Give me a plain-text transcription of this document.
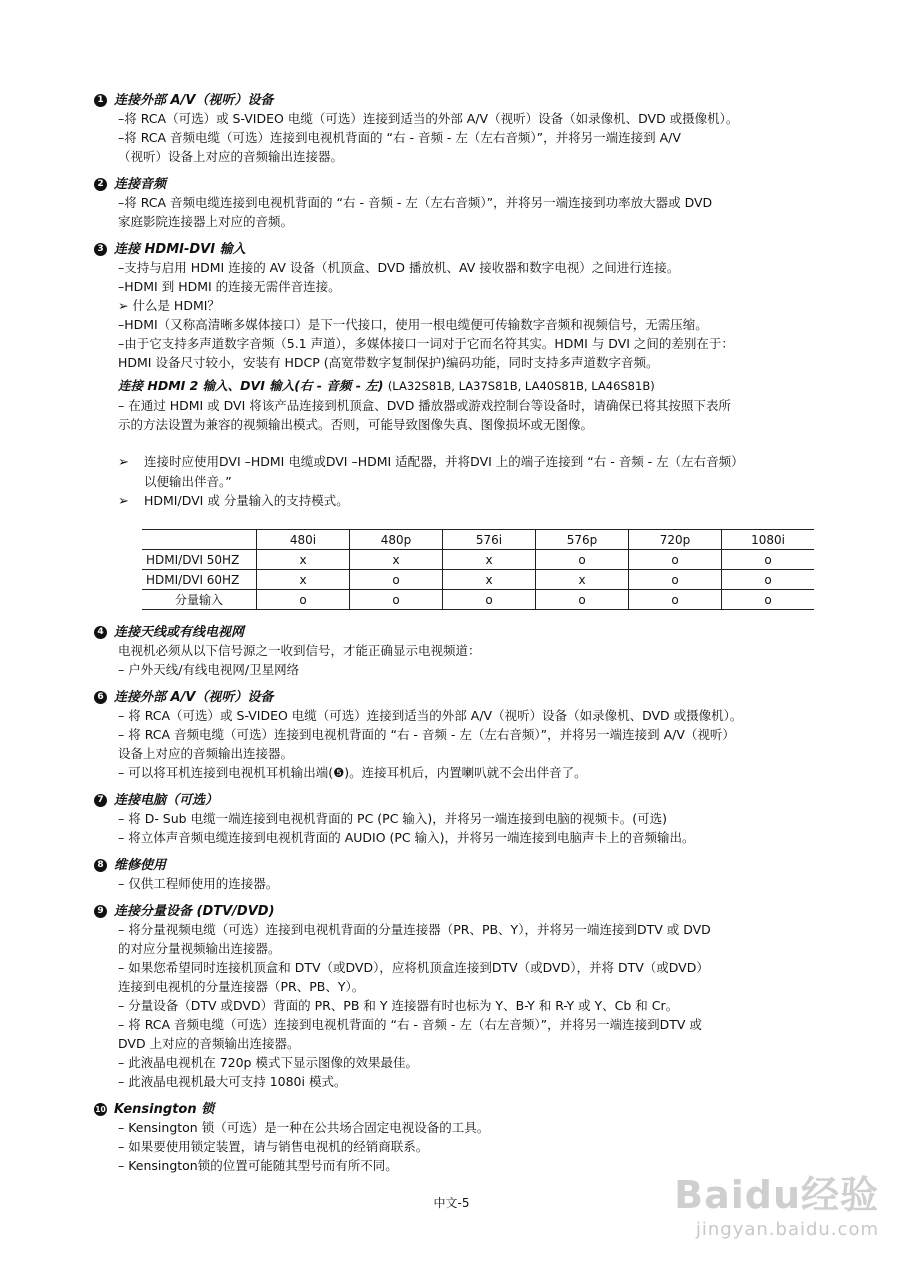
1 连接外部 A/V（视听）设备
–将 RCA（可选）或 S-VIDEO 电缆（可选）连接到适当的外部 A/V（视听）设备（如录像机、DVD 或摄像机）。
–将 RCA 音频电缆（可选）连接到电视机背面的 “右 - 音频 - 左（左右音频）”，并将另一端连接到 A/V
（视听）设备上对应的音频输出连接器。
2 连接音频
–将 RCA 音频电缆连接到电视机背面的 “右 - 音频 - 左（左右音频）”，并将另一端连接到功率放大器或 DVD
家庭影院连接器上对应的音频。
3 连接 HDMI-DVI 输入
–支持与启用 HDMI 连接的 AV 设备（机顶盒、DVD 播放机、AV 接收器和数字电视）之间进行连接。
–HDMI 到 HDMI 的连接无需伴音连接。
➢ 什么是 HDMI？
–HDMI（又称高清晰多媒体接口）是下一代接口，使用一根电缆便可传输数字音频和视频信号，无需压缩。
–由于它支持多声道数字音频（5.1 声道），多媒体接口一词对于它而名符其实。HDMI 与 DVI 之间的差别在于：
HDMI 设备尺寸较小，安装有 HDCP (高宽带数字复制保护)编码功能，同时支持多声道数字音频。
连接 HDMI 2 输入、DVI 输入(右 - 音频 - 左) (LA32S81B, LA37S81B, LA40S81B, LA46S81B)
– 在通过 HDMI 或 DVI 将该产品连接到机顶盒、DVD 播放器或游戏控制台等设备时，请确保已将其按照下表所
示的方法设置为兼容的视频输出模式。否则，可能导致图像失真、图像损坏或无图像。
➢ 连接时应使用DVI –HDMI 电缆或DVI –HDMI 适配器，并将DVI 上的端子连接到 “右 - 音频 - 左（左右音频）
以便输出伴音。”
➢ HDMI/DVI 或 分量输入的支持模式。
	480i	480p	576i	576p	720p	1080i
HDMI/DVI 50HZ	x	x	x	o	o	o
HDMI/DVI 60HZ	x	o	x	x	o	o
分量输入	o	o	o	o	o	o
4 连接天线或有线电视网
电视机必须从以下信号源之一收到信号，才能正确显示电视频道：
– 户外天线/有线电视网/卫星网络
6 连接外部 A/V（视听）设备
– 将 RCA（可选）或 S-VIDEO 电缆（可选）连接到适当的外部 A/V（视听）设备（如录像机、DVD 或摄像机）。
– 将 RCA 音频电缆（可选）连接到电视机背面的 “右 - 音频 - 左（左右音频）”，并将另一端连接到 A/V（视听）
设备上对应的音频输出连接器。
– 可以将耳机连接到电视机耳机输出端(❺)。连接耳机后，内置喇叭就不会出伴音了。
7 连接电脑（可选）
– 将 D- Sub 电缆一端连接到电视机背面的 PC (PC 输入)，并将另一端连接到电脑的视频卡。(可选)
– 将立体声音频电缆连接到电视机背面的 AUDIO (PC 输入)，并将另一端连接到电脑声卡上的音频输出。
8 维修使用
– 仅供工程师使用的连接器。
9 连接分量设备 (DTV/DVD)
– 将分量视频电缆（可选）连接到电视机背面的分量连接器（PR、PB、Y），并将另一端连接到DTV 或 DVD
的对应分量视频输出连接器。
– 如果您希望同时连接机顶盒和 DTV（或DVD），应将机顶盒连接到DTV（或DVD），并将 DTV（或DVD）
连接到电视机的分量连接器（PR、PB、Y）。
– 分量设备（DTV 或DVD）背面的 PR、PB 和 Y 连接器有时也标为 Y、B-Y 和 R-Y 或 Y、Cb 和 Cr。
– 将 RCA 音频电缆（可选）连接到电视机背面的 “右 - 音频 - 左（右左音频）”，并将另一端连接到DTV 或
DVD 上对应的音频输出连接器。
– 此液晶电视机在 720p 模式下显示图像的效果最佳。
– 此液晶电视机最大可支持 1080i 模式。
10 Kensington 锁
– Kensington 锁（可选）是一种在公共场合固定电视设备的工具。
– 如果要使用锁定装置，请与销售电视机的经销商联系。
– Kensington锁的位置可能随其型号而有所不同。
中文-5	Baidu经验
jingyan.baidu.com
